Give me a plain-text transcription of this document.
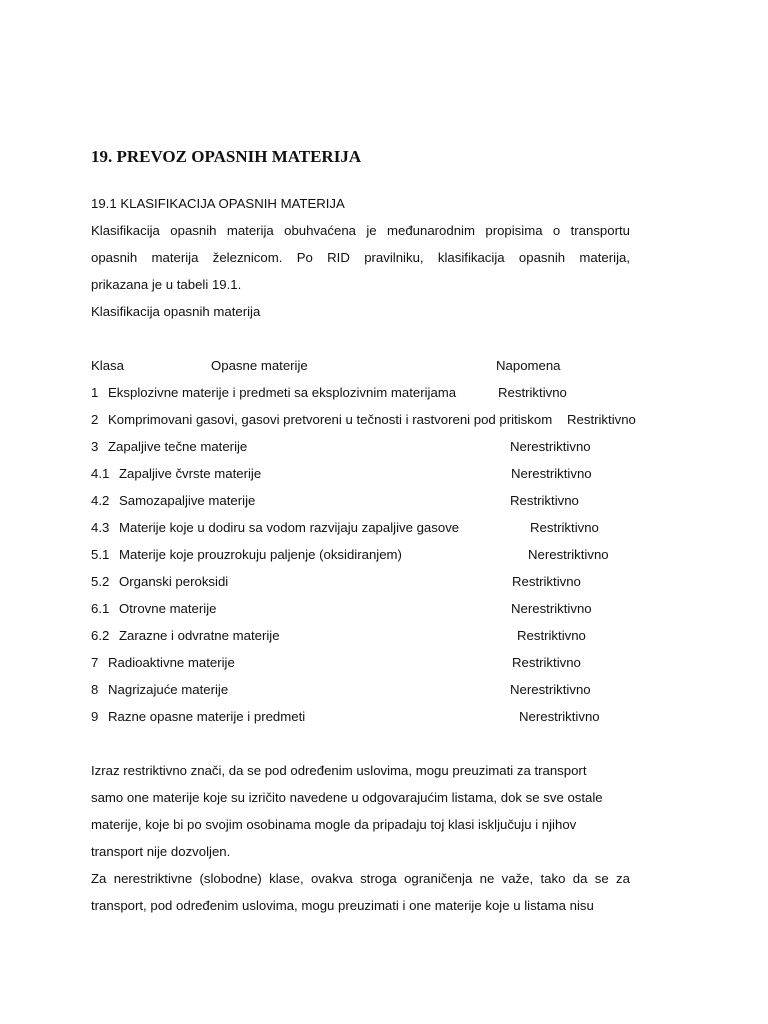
19. PREVOZ OPASNIH MATERIJA
19.1 KLASIFIKACIJA OPASNIH MATERIJA
Klasifikacija opasnih materija obuhvaćena je međunarodnim propisima o transportu
opasnih materija železnicom. Po RID pravilniku, klasifikacija opasnih materija,
prikazana je u tabeli 19.1.
Klasifikacija opasnih materija
Klasa	Opasne materije	Napomena
1 Eksplozivne materije i predmeti sa eksplozivnim materijama	Restriktivno
2 Komprimovani gasovi, gasovi pretvoreni u tečnosti i rastvoreni pod pritiskom Restriktivno
3 Zapaljive tečne materije	Nerestriktivno
4.1 Zapaljive čvrste materije	Nerestriktivno
4.2 Samozapaljive materije	Restriktivno
4.3 Materije koje u dodiru sa vodom razvijaju zapaljive gasove	Restriktivno
5.1 Materije koje prouzrokuju paljenje (oksidiranjem)	Nerestriktivno
5.2 Organski peroksidi	Restriktivno
6.1 Otrovne materije	Nerestriktivno
6.2 Zarazne i odvratne materije	Restriktivno
7 Radioaktivne materije	Restriktivno
8 Nagrizajuće materije	Nerestriktivno
9 Razne opasne materije i predmeti	Nerestriktivno
Izraz restriktivno znači, da se pod određenim uslovima, mogu preuzimati za transport
samo one materije koje su izričito navedene u odgovarajućim listama, dok se sve ostale
materije, koje bi po svojim osobinama mogle da pripadaju toj klasi isključuju i njihov
transport nije dozvoljen.
Za nerestriktivne (slobodne) klase, ovakva stroga ograničenja ne važe, tako da se za
transport, pod određenim uslovima, mogu preuzimati i one materije koje u listama nisu
